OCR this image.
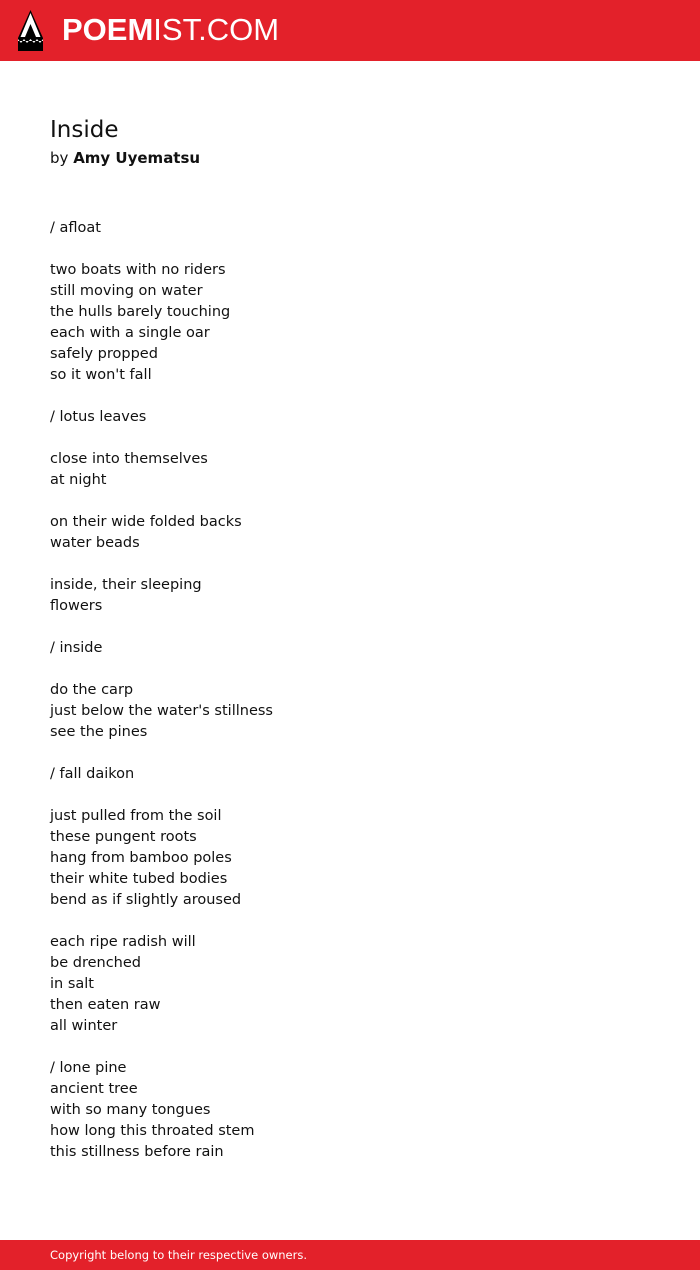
POEMIST.COM
Inside
by Amy Uyematsu
/ afloat
two boats with no riders
still moving on water
the hulls barely touching
each with a single oar
safely propped
so it won't fall
/ lotus leaves
close into themselves
at night
on their wide folded backs
water beads
inside, their sleeping
flowers
/ inside
do the carp
just below the water's stillness
see the pines
/ fall daikon
just pulled from the soil
these pungent roots
hang from bamboo poles
their white tubed bodies
bend as if slightly aroused
each ripe radish will
be drenched
in salt
then eaten raw
all winter
/ lone pine
ancient tree
with so many tongues
how long this throated stem
this stillness before rain
Copyright belong to their respective owners.
